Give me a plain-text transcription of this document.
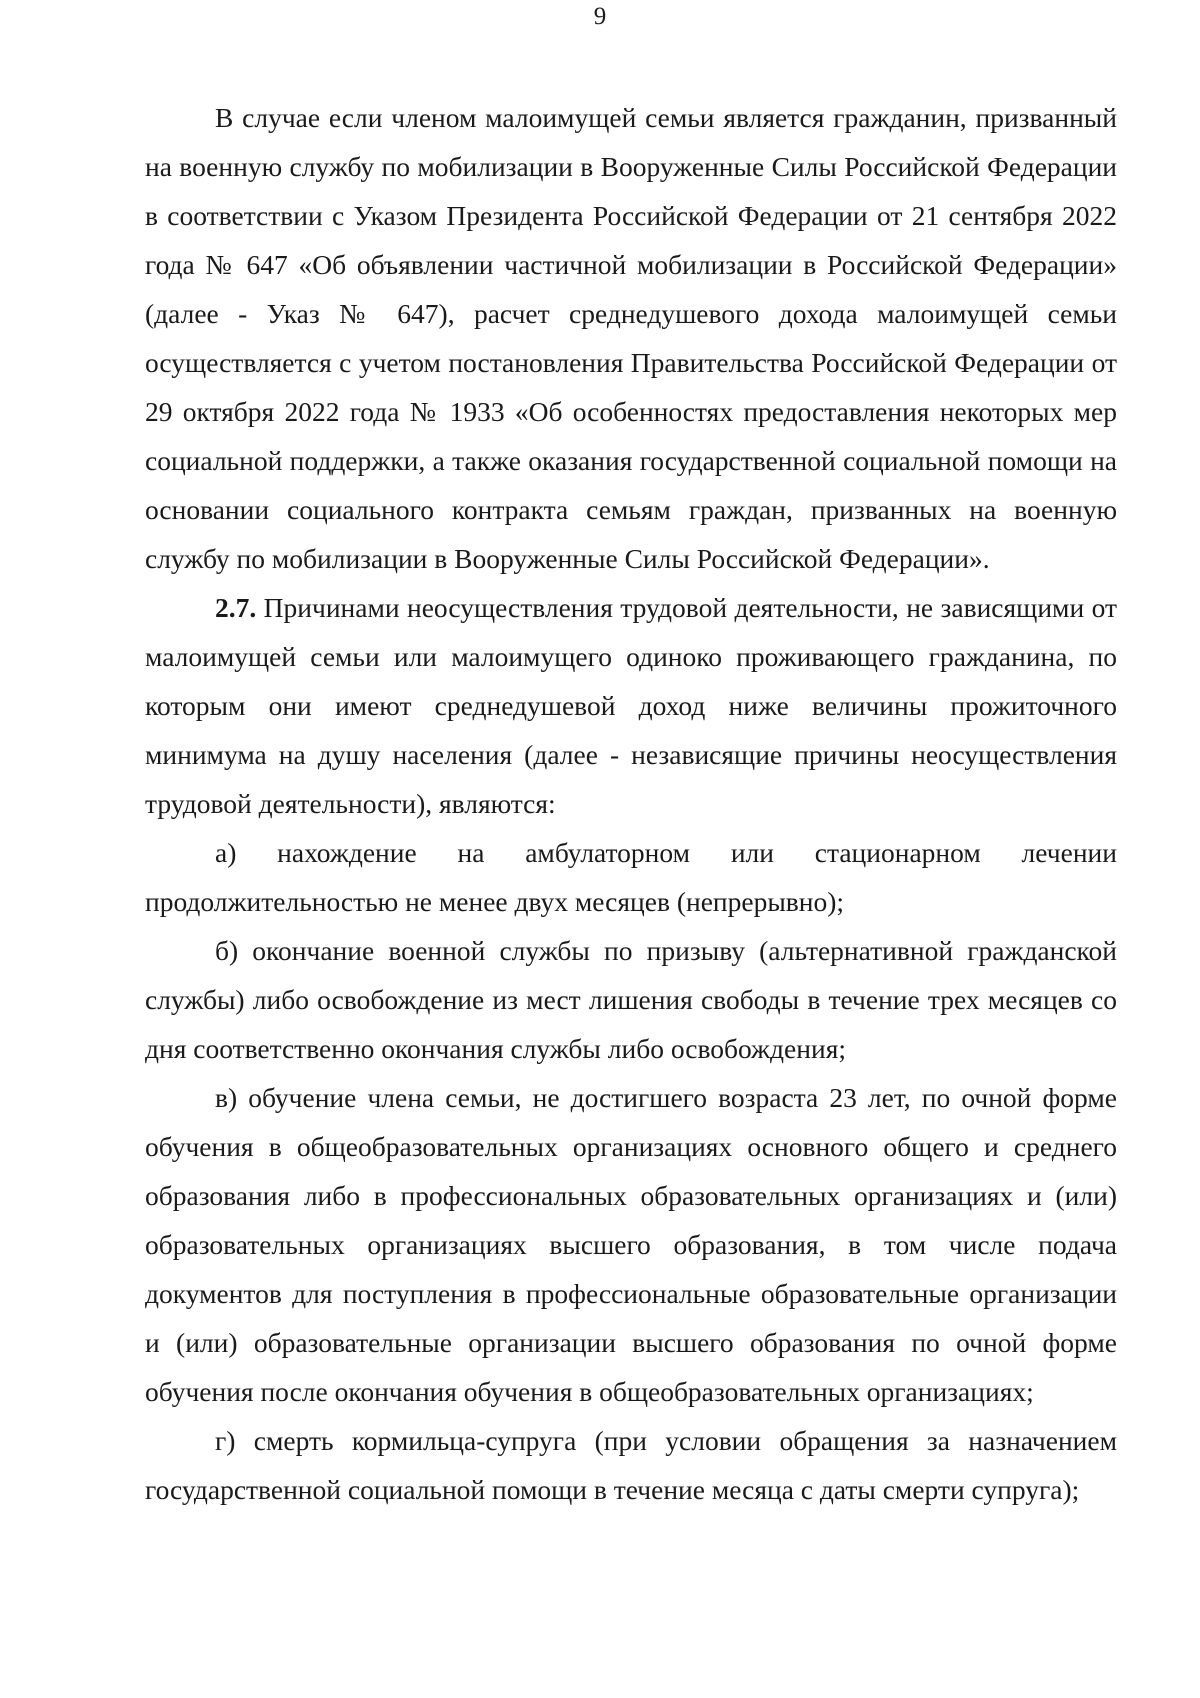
9

В случае если членом малоимущей семьи является гражданин, призванный на военную службу по мобилизации в Вооруженные Силы Российской Федерации в соответствии с Указом Президента Российской Федерации от 21 сентября 2022 года № 647 «Об объявлении частичной мобилизации в Российской Федерации» (далее - Указ № 647), расчет среднедушевого дохода малоимущей семьи осуществляется с учетом постановления Правительства Российской Федерации от 29 октября 2022 года № 1933 «Об особенностях предоставления некоторых мер социальной поддержки, а также оказания государственной социальной помощи на основании социального контракта семьям граждан, призванных на военную службу по мобилизации в Вооруженные Силы Российской Федерации».

2.7. Причинами неосуществления трудовой деятельности, не зависящими от малоимущей семьи или малоимущего одиноко проживающего гражданина, по которым они имеют среднедушевой доход ниже величины прожиточного минимума на душу населения (далее - независящие причины неосуществления трудовой деятельности), являются:

а) нахождение на амбулаторном или стационарном лечении продолжительностью не менее двух месяцев (непрерывно);

б) окончание военной службы по призыву (альтернативной гражданской службы) либо освобождение из мест лишения свободы в течение трех месяцев со дня соответственно окончания службы либо освобождения;

в) обучение члена семьи, не достигшего возраста 23 лет, по очной форме обучения в общеобразовательных организациях основного общего и среднего образования либо в профессиональных образовательных организациях и (или) образовательных организациях высшего образования, в том числе подача документов для поступления в профессиональные образовательные организации и (или) образовательные организации высшего образования по очной форме обучения после окончания обучения в общеобразовательных организациях;

г) смерть кормильца-супруга (при условии обращения за назначением государственной социальной помощи в течение месяца с даты смерти супруга);
